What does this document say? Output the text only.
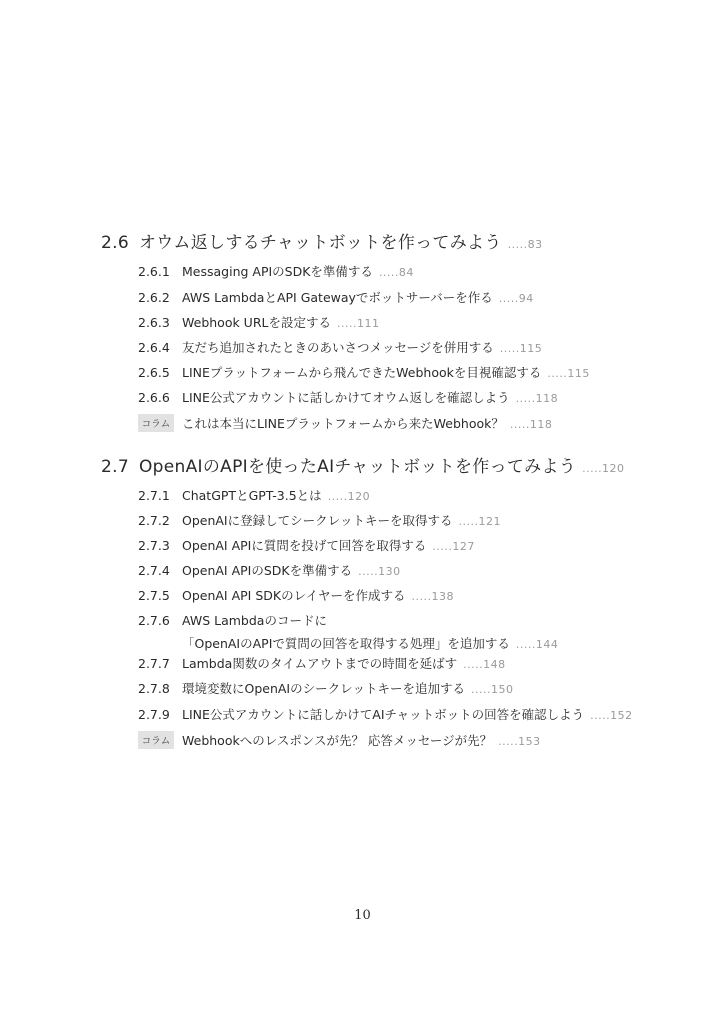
2.6 オウム返しするチャットボットを作ってみよう .....83
2.6.1 Messaging APIのSDKを準備する .....84
2.6.2 AWS LambdaとAPI Gatewayでボットサーバーを作る .....94
2.6.3 Webhook URLを設定する .....111
2.6.4 友だち追加されたときのあいさつメッセージを併用する .....115
2.6.5 LINEプラットフォームから飛んできたWebhookを目視確認する .....115
2.6.6 LINE公式アカウントに話しかけてオウム返しを確認しよう .....118
コラム これは本当にLINEプラットフォームから来たWebhook？ .....118
2.7 OpenAIのAPIを使ったAIチャットボットを作ってみよう .....120
2.7.1 ChatGPTとGPT-3.5とは .....120
2.7.2 OpenAIに登録してシークレットキーを取得する .....121
2.7.3 OpenAI APIに質問を投げて回答を取得する .....127
2.7.4 OpenAI APIのSDKを準備する .....130
2.7.5 OpenAI API SDKのレイヤーを作成する .....138
2.7.6 AWS Lambdaのコードに
「OpenAIのAPIで質問の回答を取得する処理」を追加する .....144
2.7.7 Lambda関数のタイムアウトまでの時間を延ばす .....148
2.7.8 環境変数にOpenAIのシークレットキーを追加する .....150
2.7.9 LINE公式アカウントに話しかけてAIチャットボットの回答を確認しよう .....152
コラム Webhookへのレスポンスが先？ 応答メッセージが先？ .....153
10
